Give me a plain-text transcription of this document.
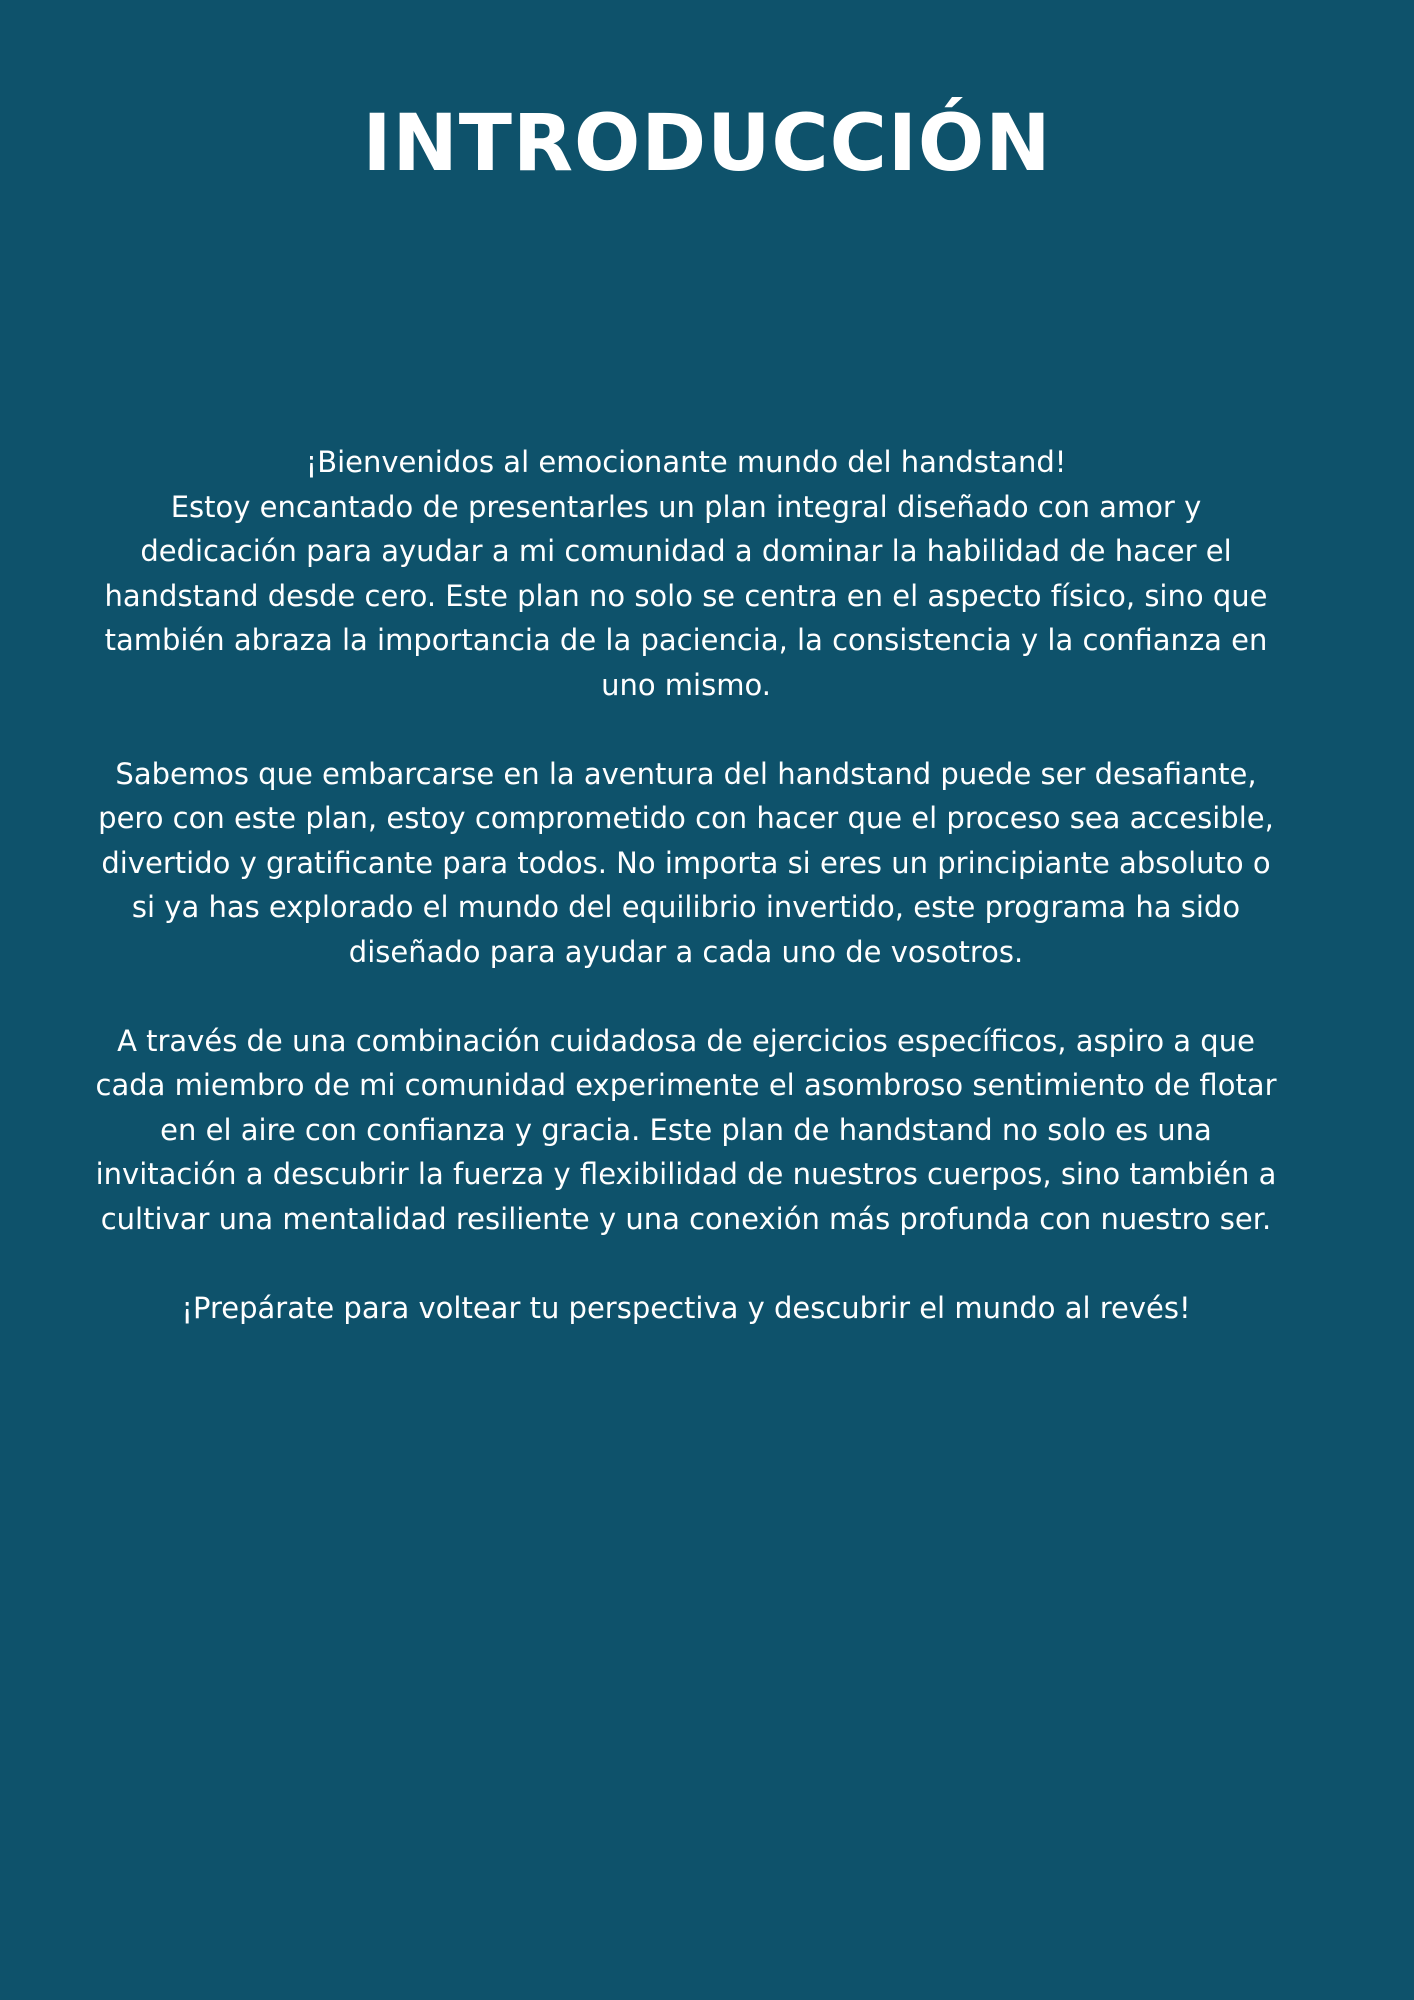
INTRODUCCIÓN

¡Bienvenidos al emocionante mundo del handstand!
Estoy encantado de presentarles un plan integral diseñado con amor y dedicación para ayudar a mi comunidad a dominar la habilidad de hacer el handstand desde cero. Este plan no solo se centra en el aspecto físico, sino que también abraza la importancia de la paciencia, la consistencia y la confianza en uno mismo.

Sabemos que embarcarse en la aventura del handstand puede ser desafiante, pero con este plan, estoy comprometido con hacer que el proceso sea accesible, divertido y gratificante para todos. No importa si eres un principiante absoluto o si ya has explorado el mundo del equilibrio invertido, este programa ha sido diseñado para ayudar a cada uno de vosotros.

A través de una combinación cuidadosa de ejercicios específicos, aspiro a que cada miembro de mi comunidad experimente el asombroso sentimiento de flotar en el aire con confianza y gracia. Este plan de handstand no solo es una invitación a descubrir la fuerza y flexibilidad de nuestros cuerpos, sino también a cultivar una mentalidad resiliente y una conexión más profunda con nuestro ser.

¡Prepárate para voltear tu perspectiva y descubrir el mundo al revés!
